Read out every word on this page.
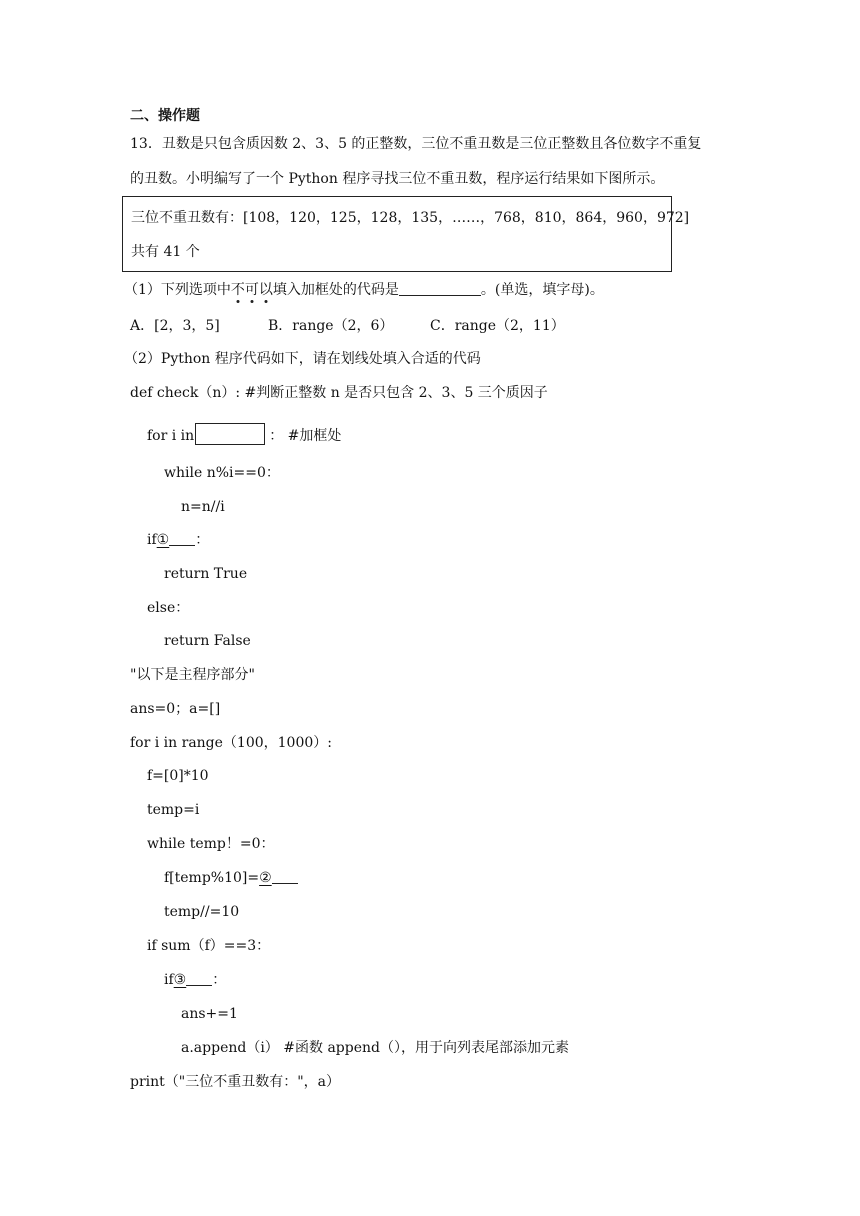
二、操作题
13．丑数是只包含质因数 2、3、5 的正整数，三位不重丑数是三位正整数且各位数字不重复
的丑数。小明编写了一个 Python 程序寻找三位不重丑数，程序运行结果如下图所示。
三位不重丑数有：[108，120，125，128，135，……，768，810，864，960，972]
共有 41 个
（1）下列选项中不可以填入加框处的代码是	。(单选，填字母)。
A．[2，3，5]	B．range（2，6）	C．range（2，11）
（2）Python 程序代码如下，请在划线处填入合适的代码
def check（n）: #判断正整数 n 是否只包含 2、3、5 三个质因子
for i in	： #加框处
while n%i==0：
n=n//i
if① ：
return True
else：
return False
"以下是主程序部分"
ans=0；a=[]
for i in range（100，1000）:
f=[0]*10
temp=i
while temp！=0：
f[temp%10]=②
temp//=10
if sum（f）==3：
if③ ：
ans+=1
a.append（i） #函数 append（），用于向列表尾部添加元素
print（"三位不重丑数有："，a）
